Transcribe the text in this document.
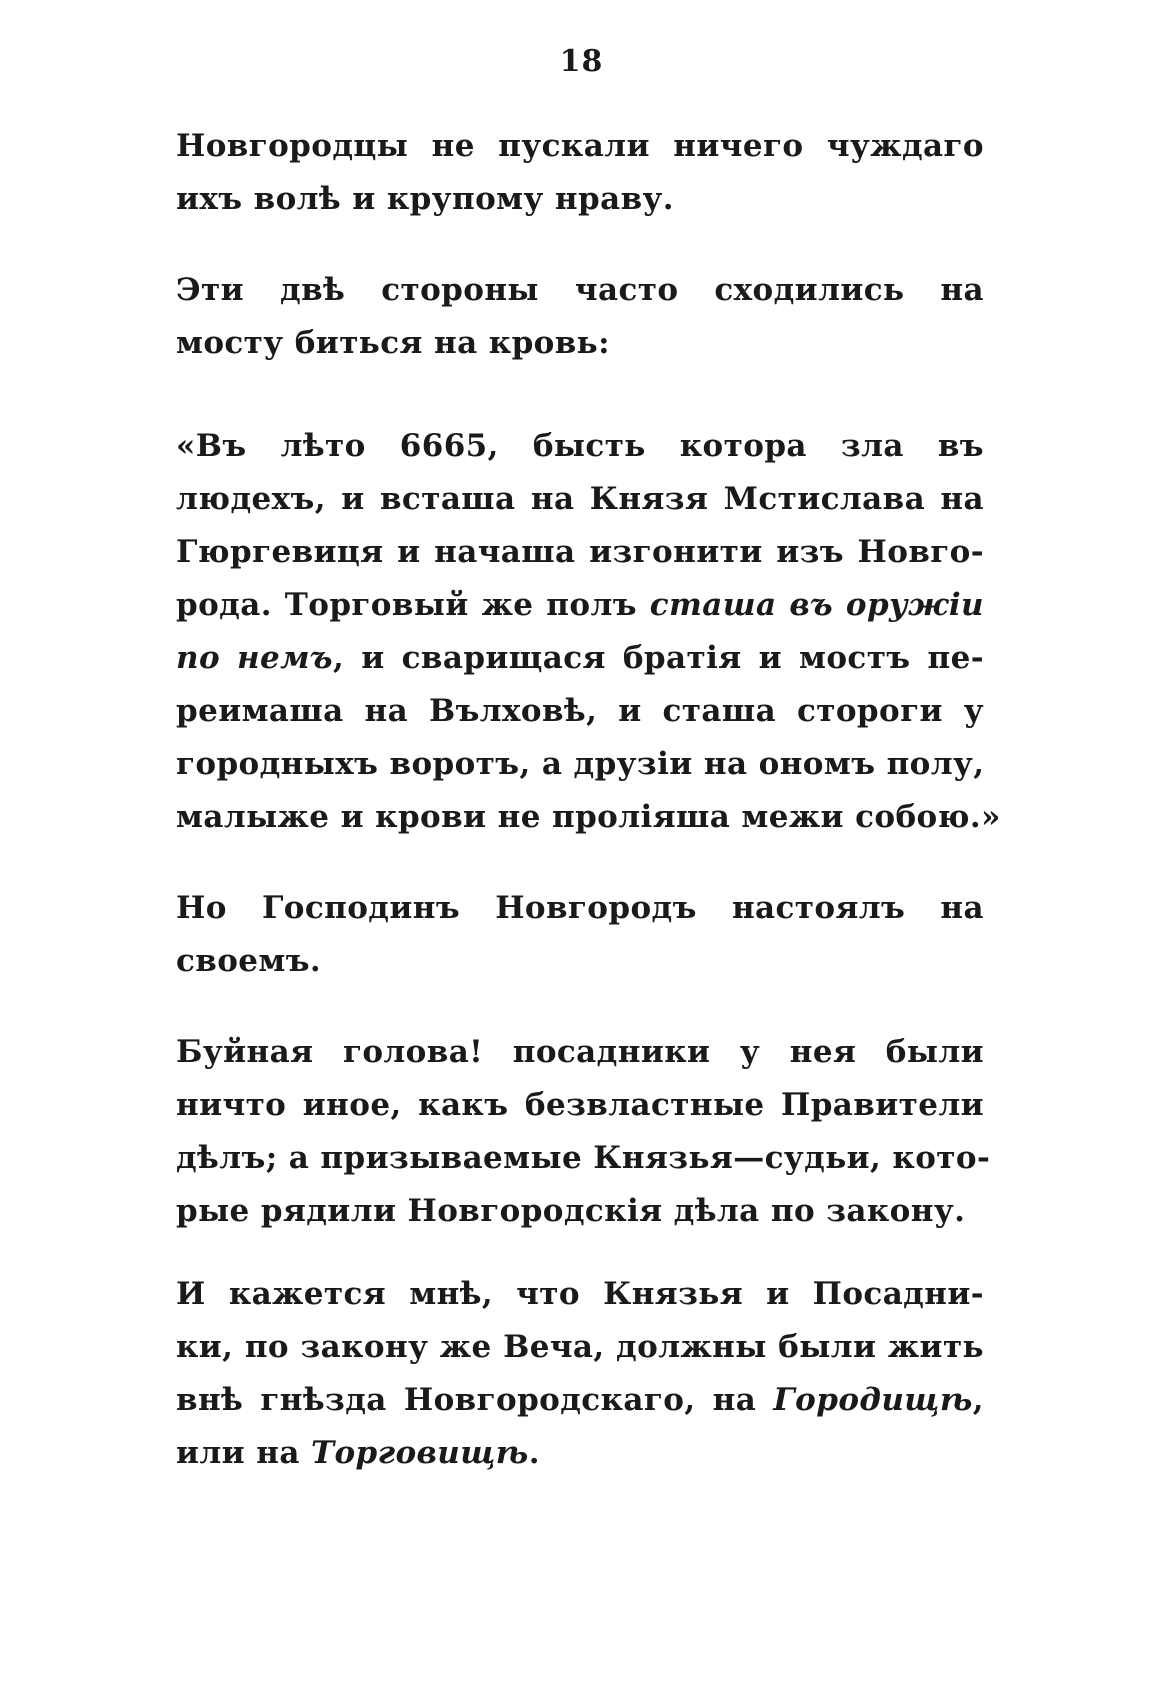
18

Новгородцы не пускали ничего чуждаго
ихъ волѣ и крупому нраву.

Эти двѣ стороны часто сходились на
мосту биться на кровь:

«Въ лѣто 6665, бысть котора зла въ
людехъ, и всташа на Князя Мстислава на
Гюргевиця и начаша изгонити изъ Новго-
рода. Торговый же полъ сташа въ оружiи
по немъ, и сварищася братiя и мостъ пе-
реимаша на Вълховѣ, и сташа стороги у
городныхъ воротъ, а друзiи на ономъ полу,
малыже и крови не пролiяша межи собою.»

Но Господинъ Новгородъ настоялъ на
своемъ.

Буйная голова! посадники у нея были
ничто иное, какъ безвластные Правители
дѣлъ; а призываемые Князья—судьи, кото-
рые рядили Новгородскiя дѣла по закону.

И кажется мнѣ, что Князья и Посадни-
ки, по закону же Веча, должны были жить
внѣ гнѣзда Новгородскаго, на Городищѣ,
или на Торговищѣ.
